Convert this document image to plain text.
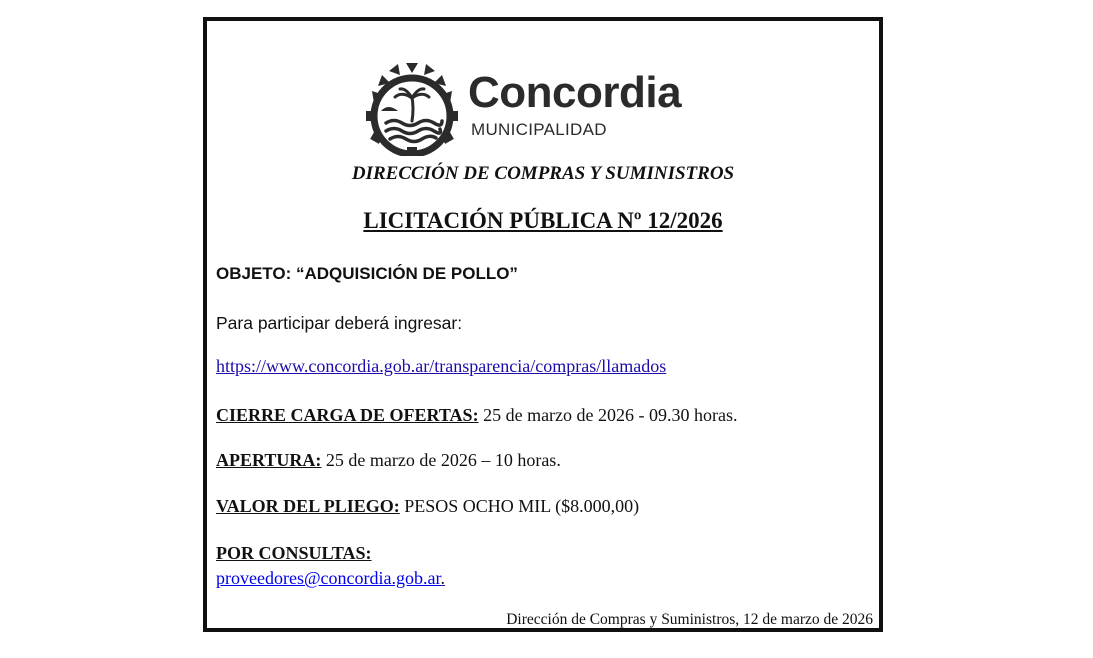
Concordia
MUNICIPALIDAD
DIRECCIÓN DE COMPRAS Y SUMINISTROS
LICITACIÓN PÚBLICA Nº 12/2026
OBJETO: “ADQUISICIÓN DE POLLO”
Para participar deberá ingresar:
https://www.concordia.gob.ar/transparencia/compras/llamados
CIERRE CARGA DE OFERTAS: 25 de marzo de 2026 - 09.30 horas.
APERTURA: 25 de marzo de 2026 – 10 horas.
VALOR DEL PLIEGO: PESOS OCHO MIL ($8.000,00)
POR CONSULTAS:
proveedores@concordia.gob.ar.
Dirección de Compras y Suministros, 12 de marzo de 2026
